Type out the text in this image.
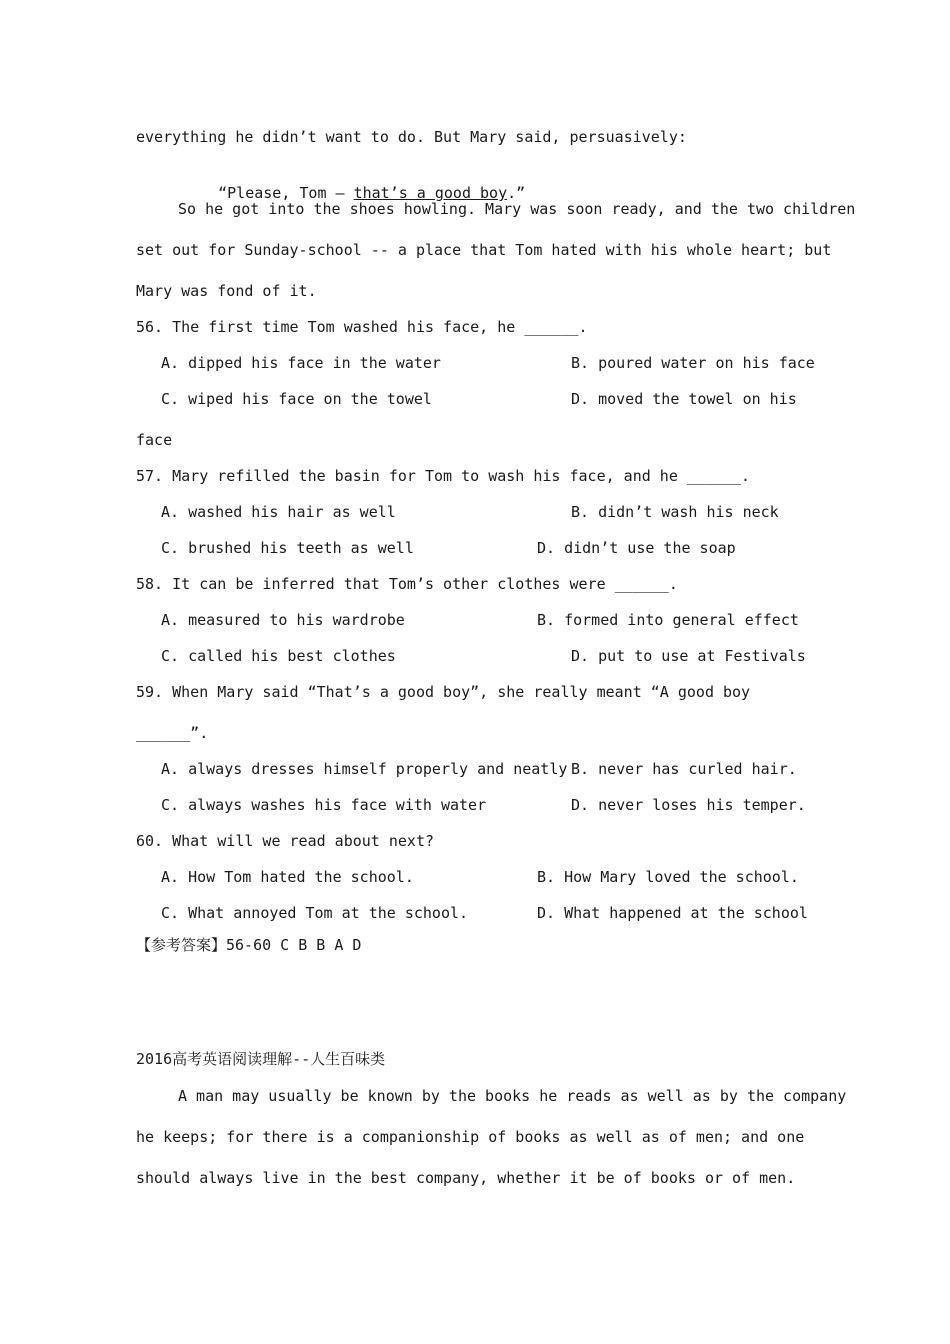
everything he didn’t want to do. But Mary said, persuasively:

“Please, Tom – that’s a good boy.”

So he got into the shoes howling. Mary was soon ready, and the two children
set out for Sunday-school -- a place that Tom hated with his whole heart; but
Mary was fond of it.
56. The first time Tom washed his face, he ______.
A. dipped his face in the water	B. poured water on his face
C. wiped his face on the towel	D. moved the towel on his
face
57. Mary refilled the basin for Tom to wash his face, and he ______.
A. washed his hair as well	B. didn’t wash his neck
C. brushed his teeth as well	D. didn’t use the soap
58. It can be inferred that Tom’s other clothes were ______.
A. measured to his wardrobe	B. formed into general effect
C. called his best clothes	D. put to use at Festivals
59. When Mary said “That’s a good boy”, she really meant “A good boy
______”.
A. always dresses himself properly and neatly B. never has curled hair.
C. always washes his face with water	D. never loses his temper.
60. What will we read about next?
A. How Tom hated the school.	B. How Mary loved the school.
C. What annoyed Tom at the school.	D. What happened at the school
【参考答案】56-60 C B B A D
2016高考英语阅读理解--人生百味类
A man may usually be known by the books he reads as well as by the company
he keeps; for there is a companionship of books as well as of men; and one
should always live in the best company, whether it be of books or of men.
